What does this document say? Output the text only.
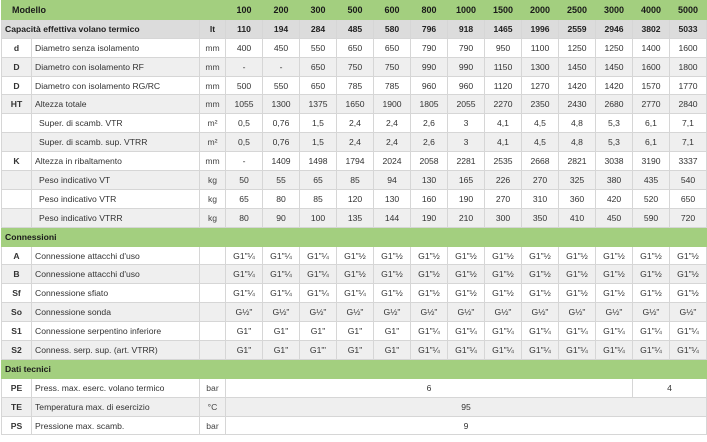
Modello			100	200	300	500	600	800	1000	1500	2000	2500	3000	4000	5000
Capacità effettiva volano termico		lt	110	194	284	485	580	796	918	1465	1996	2559	2946	3802	5033
d	Diametro senza isolamento	mm	400	450	550	650	650	790	790	950	1100	1250	1250	1400	1600
D	Diametro con isolamento RF	mm	-	-	650	750	750	990	990	1150	1300	1450	1450	1600	1800
D	Diametro con isolamento RG/RC	mm	500	550	650	785	785	960	960	1120	1270	1420	1420	1570	1770
HT	Altezza totale	mm	1055	1300	1375	1650	1900	1805	2055	2270	2350	2430	2680	2770	2840
	Super. di scamb. VTR	m²	0,5	0,76	1,5	2,4	2,4	2,6	3	4,1	4,5	4,8	5,3	6,1	7,1
	Super. di scamb. sup. VTRR	m²	0,5	0,76	1,5	2,4	2,4	2,6	3	4,1	4,5	4,8	5,3	6,1	7,1
K	Altezza in ribaltamento	mm	-	1409	1498	1794	2024	2058	2281	2535	2668	2821	3038	3190	3337
	Peso indicativo VT	kg	50	55	65	85	94	130	165	226	270	325	380	435	540
	Peso indicativo VTR	kg	65	80	85	120	130	160	190	270	310	360	420	520	650
	Peso indicativo VTRR	kg	80	90	100	135	144	190	210	300	350	410	450	590	720
Connessioni															
A	Connessione attacchi d'uso		G1"¼	G1"¼	G1"¼	G1"½	G1"½	G1"½	G1"½	G1"½	G1"½	G1"½	G1"½	G1"½	G1"½
B	Connessione attacchi d'uso		G1"¼	G1"¼	G1"¼	G1"½	G1"½	G1"½	G1"½	G1"½	G1"½	G1"½	G1"½	G1"½	G1"½
Sf	Connessione sfiato		G1"¼	G1"¼	G1"¼	G1"¼	G1"½	G1"½	G1"½	G1"½	G1"½	G1"½	G1"½	G1"½	G1"½
So	Connessione sonda		G½"	G½"	G½"	G½"	G½"	G½"	G½"	G½"	G½"	G½"	G½"	G½"	G½"
S1	Connessione serpentino inferiore		G1"	G1"	G1"	G1"	G1"	G1"¼	G1"¼	G1"¼	G1"¼	G1"¼	G1"¼	G1"¼	G1"¼
S2	Conness. serp. sup. (art. VTRR)		G1"	G1"	G1"'	G1"	G1"	G1"¼	G1"¼	G1"¼	G1"¼	G1"¼	G1"¼	G1"¼	G1"¼
Dati tecnici															
PE	Press. max. eserc. volano termico	bar	6											4	
TE	Temperatura max. di esercizio	°C	95												
PS	Pressione max. scamb.	bar	9												
